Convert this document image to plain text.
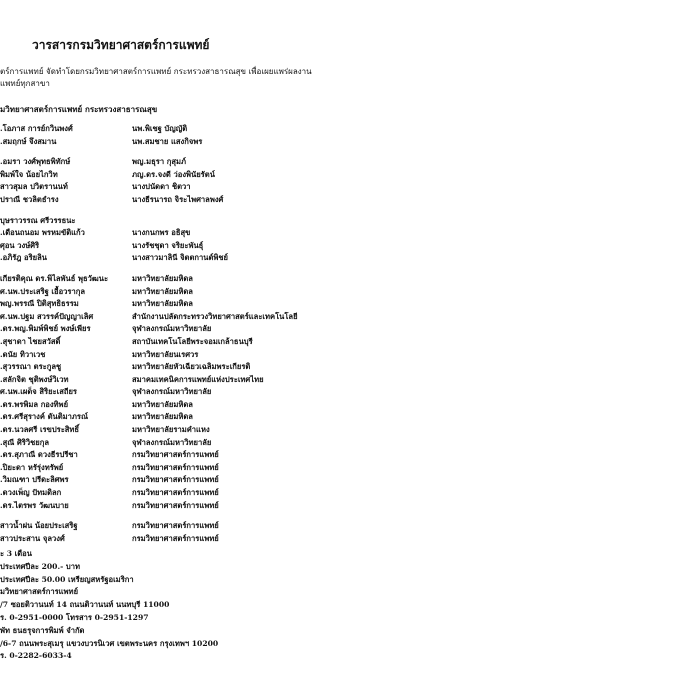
วารสารกรมวิทยาศาสตร์การแพทย์
ตร์การแพทย์ จัดทำโดยกรมวิทยาศาสตร์การแพทย์ กระทรวงสาธารณสุข เพื่อเผยแพร่ผลงาน
แพทย์ทุกสาขา
มวิทยาศาสตร์การแพทย์ กระทรวงสาธารณสุข
.โอภาส การย์กวินพงศ์	นพ.พิเชฐ บัญญัติ
.สมฤกษ์ จึงสมาน	นพ.สมชาย แสงกิจพร
.อมรา วงศ์พุทธพิทักษ์	พญ.มธุรา กุสุมภ์
พิมพ์ใจ น้อยไกวิท	ภญ.ดร.จงดี ว่องพินัยรัตน์
สาวสุมล ปวิตรานนท์	นางปนัดดา ชิตวา
ปราณี ชวลิตธำรง	นางธีรนารถ จิระไพศาลพงศ์
บุษราวรรณ ศรีวรรธนะ
.เดือนถนอม พรหมขัติแก้ว	นางกนกพร อธิสุข
ศุอน วงษ์ศิริ	นางรัชชุดา จริยะพันธ์ุ
.อภิรัฎ อริยลิน	นางสาวมาลินี จิตตกานต์พิชย์
เกียรติคุณ ดร.พิไลพันธ์ พุธวัฒนะ	มหาวิทยาลัยมหิดล
ศ.นพ.ประเสริฐ เอื้อวรากุล	มหาวิทยาลัยมหิดล
พญ.พรรณี ปิติสุทธิธรรม	มหาวิทยาลัยมหิดล
ศ.นพ.ปฐม สวรรค์ปัญญาเลิศ	สำนักงานปลัดกระทรวงวิทยาศาสตร์และเทคโนโลยี
.ดร.พญ.พิมพ์พิชย์ พงษ์เพียร	จุฬาลงกรณ์มหาวิทยาลัย
.สุชาดา ไชยสวัสดิ์	สถาบันเทคโนโลยีพระจอมเกล้าธนบุรี
.ดนัย ทิวาเวช	มหาวิทยาลัยนเรศวร
.สุวรรณา ตระกูลชู	มหาวิทยาลัยหัวเฉียวเฉลิมพระเกียรติ
.สลักจิต ชุติพงษ์วิเวท	สมาคมเทคนิคการแพทย์แห่งประเทศไทย
ศ.นพ.เผด็จ สิริยะเสถียร	จุฬาลงกรณ์มหาวิทยาลัย
.ดร.พรพิมล กองทิพย์	มหาวิทยาลัยมหิดล
.ดร.ศรีสุรางค์ ตันติมาภรณ์	มหาวิทยาลัยมหิดล
.ดร.นวลศรี เรขประสิทธิ์	มหาวิทยาลัยรามคำแหง
.สุณี ศิริวิชยกุล	จุฬาลงกรณ์มหาวิทยาลัย
.ดร.สุภาณี ดวงธีรปรีชา	กรมวิทยาศาสตร์การแพทย์
.ปิยะดา หรัรุ่งทรัพย์	กรมวิทยาศาสตร์การแพทย์
.วิมณฑา ปรีดะลิศพร	กรมวิทยาศาสตร์การแพทย์
.ดวงเพ็ญ ปัทมดิลก	กรมวิทยาศาสตร์การแพทย์
.ดร.ไตรพร วัฒนบาย	กรมวิทยาศาสตร์การแพทย์
สาวน้ำฝน น้อยประเสริฐ	กรมวิทยาศาสตร์การแพทย์
สาวประสาน จุลวงศ์	กรมวิทยาศาสตร์การแพทย์
ะ 3 เดือน
ประเทศปีละ 200.- บาท
ประเทศปีละ 50.00 เหรียญสหรัฐอเมริกา
มวิทยาศาสตร์การแพทย์
/7 ซอยติวานนท์ 14 ถนนติวานนท์ นนทบุรี 11000
ร. 0-2951-0000 โทรสาร 0-2951-1297
พัท ธนธรุจการพิมพ์ จำกัด
/6-7 ถนนพระสุเมรุ แขวงบวรนิเวศ เขตพระนคร กรุงเทพฯ 10200
ร. 0-2282-6033-4
